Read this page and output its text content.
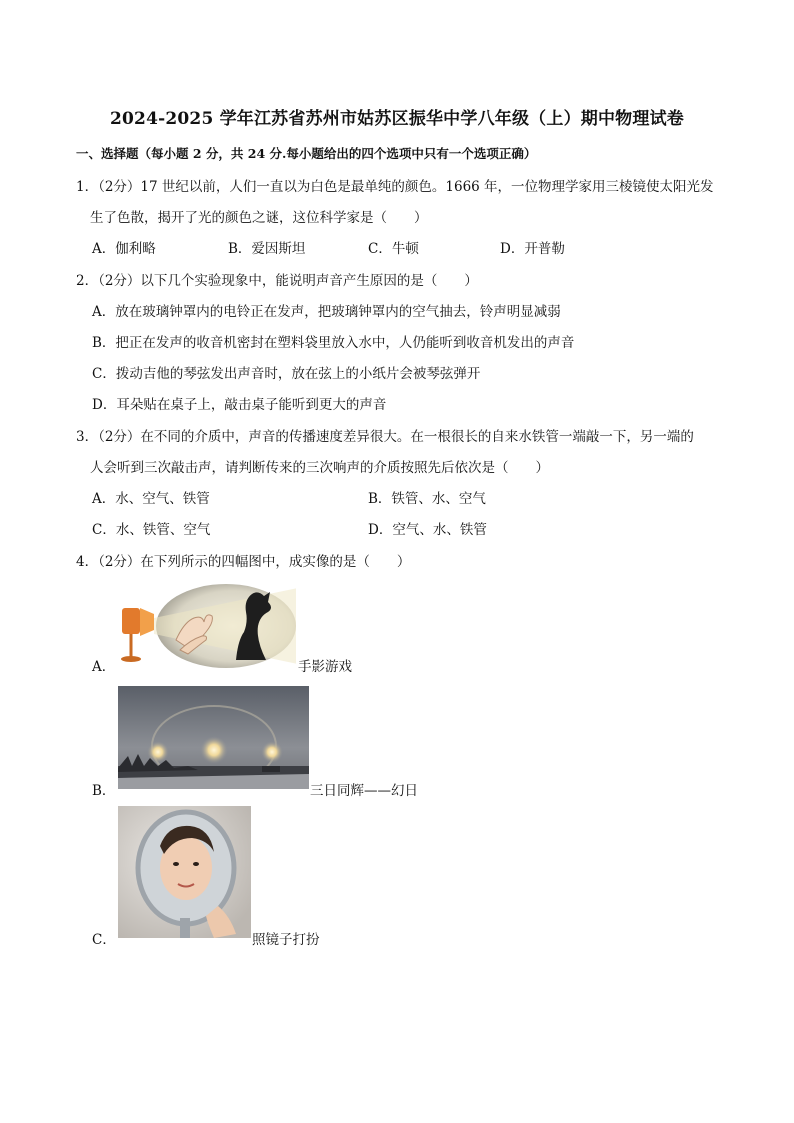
2024-2025 学年江苏省苏州市姑苏区振华中学八年级（上）期中物理试卷
一、选择题（每小题 2 分，共 24 分.每小题给出的四个选项中只有一个选项正确）
1．（2分）17 世纪以前，人们一直以为白色是最单纯的颜色。1666 年，一位物理学家用三棱镜使太阳光发
生了色散，揭开了光的颜色之谜，这位科学家是（　　）
A．伽利略	B．爱因斯坦	C．牛顿	D．开普勒
2．（2分）以下几个实验现象中，能说明声音产生原因的是（　　）
A．放在玻璃钟罩内的电铃正在发声，把玻璃钟罩内的空气抽去，铃声明显减弱
B．把正在发声的收音机密封在塑料袋里放入水中，人仍能听到收音机发出的声音
C．拨动吉他的琴弦发出声音时，放在弦上的小纸片会被琴弦弹开
D．耳朵贴在桌子上，敲击桌子能听到更大的声音
3．（2分）在不同的介质中，声音的传播速度差异很大。在一根很长的自来水铁管一端敲一下，另一端的
人会听到三次敲击声，请判断传来的三次响声的介质按照先后依次是（　　）
A．水、空气、铁管	B．铁管、水、空气
C．水、铁管、空气	D．空气、水、铁管
4．（2分）在下列所示的四幅图中，成实像的是（　　）
A．	手影游戏
B．	三日同辉——幻日
C．	照镜子打扮
